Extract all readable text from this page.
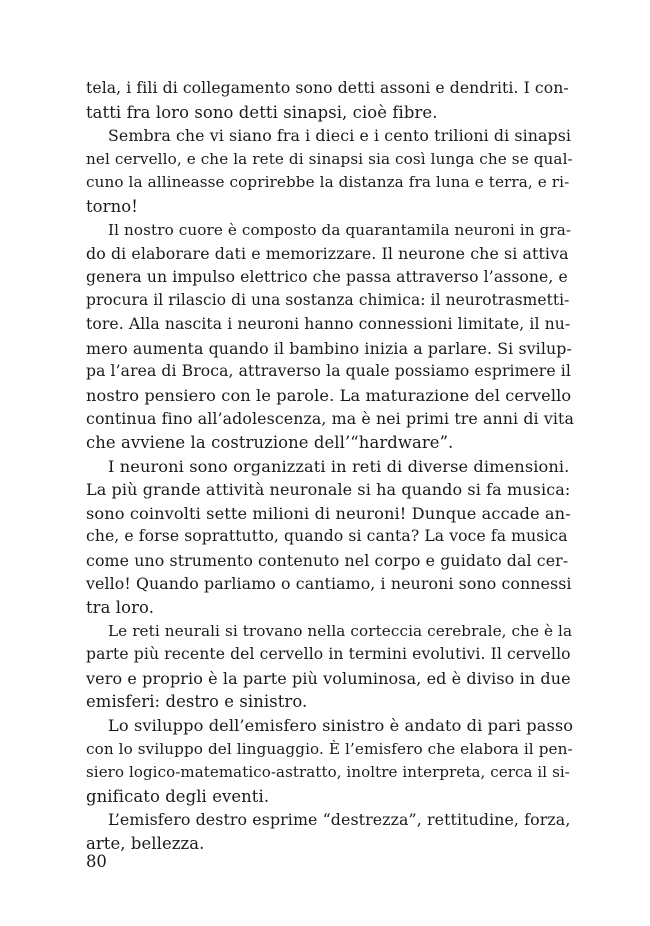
tela, i fili di collegamento sono detti assoni e dendriti. I con-
tatti fra loro sono detti sinapsi, cioè fibre.

Sembra che vi siano fra i dieci e i cento trilioni di sinapsi
nel cervello, e che la rete di sinapsi sia così lunga che se qual-
cuno la allineasse coprirebbe la distanza fra luna e terra, e ri-
torno!

Il nostro cuore è composto da quarantamila neuroni in gra-
do di elaborare dati e memorizzare. Il neurone che si attiva
genera un impulso elettrico che passa attraverso l’assone, e
procura il rilascio di una sostanza chimica: il neurotrasmetti-
tore. Alla nascita i neuroni hanno connessioni limitate, il nu-
mero aumenta quando il bambino inizia a parlare. Si svilup-
pa l’area di Broca, attraverso la quale possiamo esprimere il
nostro pensiero con le parole. La maturazione del cervello
continua fino all’adolescenza, ma è nei primi tre anni di vita
che avviene la costruzione dell’“hardware”.

I neuroni sono organizzati in reti di diverse dimensioni.
La più grande attività neuronale si ha quando si fa musica:
sono coinvolti sette milioni di neuroni! Dunque accade an-
che, e forse soprattutto, quando si canta? La voce fa musica
come uno strumento contenuto nel corpo e guidato dal cer-
vello! Quando parliamo o cantiamo, i neuroni sono connessi
tra loro.

Le reti neurali si trovano nella corteccia cerebrale, che è la
parte più recente del cervello in termini evolutivi. Il cervello
vero e proprio è la parte più voluminosa, ed è diviso in due
emisferi: destro e sinistro.

Lo sviluppo dell’emisfero sinistro è andato di pari passo
con lo sviluppo del linguaggio. È l’emisfero che elabora il pen-
siero logico-matematico-astratto, inoltre interpreta, cerca il si-
gnificato degli eventi.

L’emisfero destro esprime “destrezza”, rettitudine, forza,
arte, bellezza.

80
